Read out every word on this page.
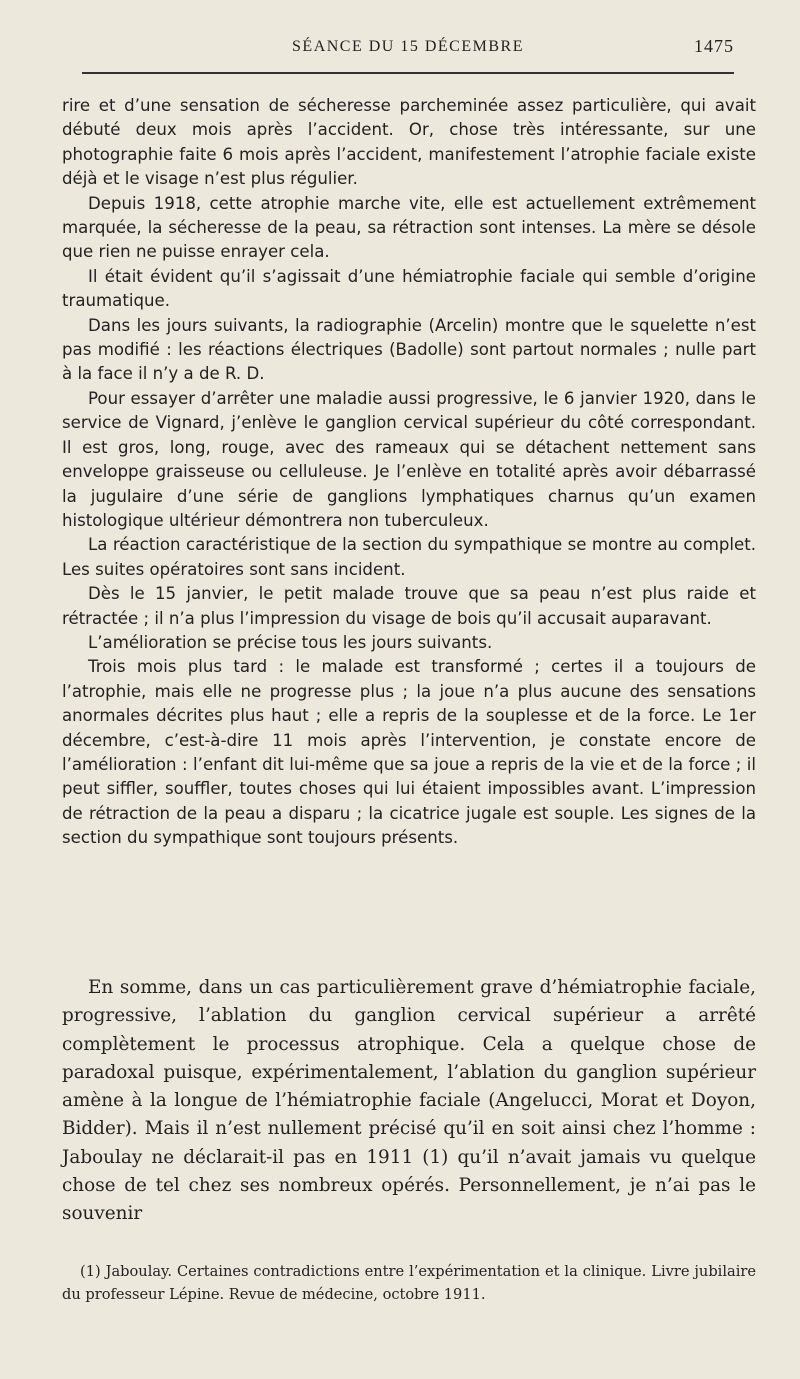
SÉANCE DU 15 DÉCEMBRE	1475

rire et d’une sensation de sécheresse parcheminée assez particulière, qui avait débuté deux mois après l’accident. Or, chose très intéressante, sur une photographie faite 6 mois après l’accident, manifestement l’atrophie faciale existe déjà et le visage n’est plus régulier.

Depuis 1918, cette atrophie marche vite, elle est actuellement extrêmement marquée, la sécheresse de la peau, sa rétraction sont intenses. La mère se désole que rien ne puisse enrayer cela.

Il était évident qu’il s’agissait d’une hémiatrophie faciale qui semble d’origine traumatique.

Dans les jours suivants, la radiographie (Arcelin) montre que le squelette n’est pas modifié : les réactions électriques (Badolle) sont partout normales ; nulle part à la face il n’y a de R. D.

Pour essayer d’arrêter une maladie aussi progressive, le 6 janvier 1920, dans le service de Vignard, j’enlève le ganglion cervical supérieur du côté correspondant. Il est gros, long, rouge, avec des rameaux qui se détachent nettement sans enveloppe graisseuse ou celluleuse. Je l’enlève en totalité après avoir débarrassé la jugulaire d’une série de ganglions lymphatiques charnus qu’un examen histologique ultérieur démontrera non tuberculeux.

La réaction caractéristique de la section du sympathique se montre au complet. Les suites opératoires sont sans incident.

Dès le 15 janvier, le petit malade trouve que sa peau n’est plus raide et rétractée ; il n’a plus l’impression du visage de bois qu’il accusait auparavant.

L’amélioration se précise tous les jours suivants.

Trois mois plus tard : le malade est transformé ; certes il a toujours de l’atrophie, mais elle ne progresse plus ; la joue n’a plus aucune des sensations anormales décrites plus haut ; elle a repris de la souplesse et de la force. Le 1er décembre, c’est-à-dire 11 mois après l’intervention, je constate encore de l’amélioration : l’enfant dit lui-même que sa joue a repris de la vie et de la force ; il peut siffler, souffler, toutes choses qui lui étaient impossibles avant. L’impression de rétraction de la peau a disparu ; la cicatrice jugale est souple. Les signes de la section du sympathique sont toujours présents.

En somme, dans un cas particulièrement grave d’hémiatrophie faciale, progressive, l’ablation du ganglion cervical supérieur a arrêté complètement le processus atrophique. Cela a quelque chose de paradoxal puisque, expérimentalement, l’ablation du ganglion supérieur amène à la longue de l’hémiatrophie faciale (Angelucci, Morat et Doyon, Bidder). Mais il n’est nullement précisé qu’il en soit ainsi chez l’homme : Jaboulay ne déclarait-il pas en 1911 (1) qu’il n’avait jamais vu quelque chose de tel chez ses nombreux opérés. Personnellement, je n’ai pas le souvenir

(1) Jaboulay. Certaines contradictions entre l’expérimentation et la clinique. Livre jubilaire du professeur Lépine. Revue de médecine, octobre 1911.
